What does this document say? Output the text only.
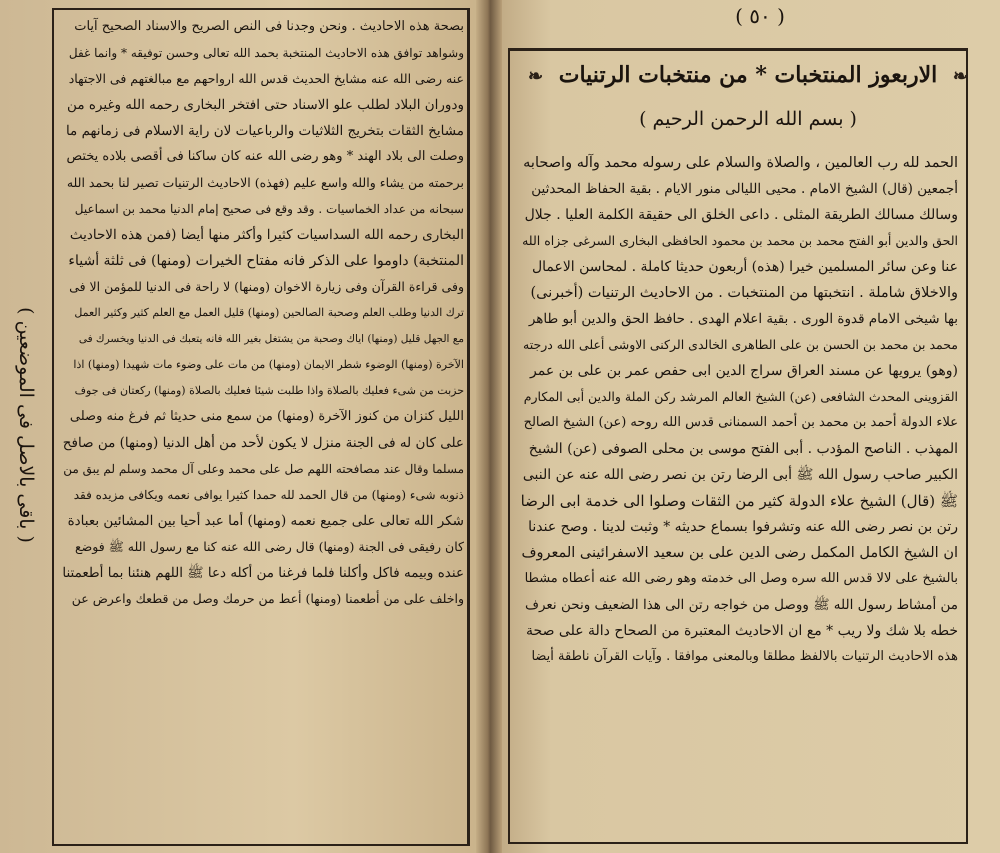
( باقى بالاصل فى الموضعين )
بصحة هذه الاحاديث . ونحن وجدنا فى النص الصريح والاسناد الصحيح آيات
وشواهد توافق هذه الاحاديث المنتخبة بحمد الله تعالى وحسن توفيقه * وانما غفل
عنه رضى الله عنه مشايخ الحديث قدس الله ارواحهم مع مبالغتهم فى الاجتهاد
ودوران البلاد لطلب علو الاسناد حتى افتخر البخارى رحمه الله وغيره من
مشايخ الثقات بتخريج الثلاثيات والرباعيات لان راية الاسلام فى زمانهم ما
وصلت الى بلاد الهند * وهو رضى الله عنه كان ساكنا فى أقصى بلاده يختص
برحمته من يشاء والله واسع عليم (فهذه) الاحاديث الرتنيات تصير لنا بحمد الله
سبحانه من عداد الخماسيات . وقد وقع فى صحيح إمام الدنيا محمد بن اسماعيل
البخارى رحمه الله السداسيات كثيرا وأكثر منها أيضا (فمن هذه الاحاديث
المنتخبة) داوموا على الذكر فانه مفتاح الخيرات (ومنها) فى ثلثة أشياء
وفى قراءة القرآن وفى زيارة الاخوان (ومنها) لا راحة فى الدنيا للمؤمن الا فى
ترك الدنيا وطلب العلم وصحبة الصالحين (ومنها) قليل العمل مع العلم كثير وكثير العمل
مع الجهل قليل (ومنها) اياك وصحبة من يشتغل بغير الله فانه يتعبك فى الدنيا ويخسرك فى
الآخرة (ومنها) الوضوء شطر الايمان (ومنها) من مات على وضوء مات شهيدا (ومنها) اذا
حزبت من شىء فعليك بالصلاة واذا طلبت شيئا فعليك بالصلاة (ومنها) ركعتان فى جوف
الليل كنزان من كنوز الآخرة (ومنها) من سمع منى حديثا ثم فرغ منه وصلى
على كان له فى الجنة منزل لا يكون لأحد من أهل الدنيا (ومنها) من صافح
مسلما وقال عند مصافحته اللهم صل على محمد وعلى آل محمد وسلم لم يبق من
ذنوبه شىء (ومنها) من قال الحمد لله حمدا كثيرا يوافى نعمه ويكافى مزيده فقد
شكر الله تعالى على جميع نعمه (ومنها) أما عبد أحيا بين المشائين بعبادة
كان رفيقى فى الجنة (ومنها) قال رضى الله عنه كنا مع رسول الله ﷺ فوضع
عنده وبيمه فاكل وأكلنا فلما فرغنا من أكله دعا ﷺ اللهم هنئنا بما أطعمتنا
واخلف على من أطعمنا (ومنها) أعط من حرمك وصل من قطعك واعرض عن
الحمد لله رب العالمين ، والصلاة والسلام على رسوله محمد وآله واصحابه
أجمعين (قال) الشيخ الامام . محيى الليالى منور الايام . بقية الحفاظ المحدثين
وسالك مسالك الطريقة المثلى . داعى الخلق الى حقيقة الكلمة العليا . جلال
الحق والدين أبو الفتح محمد بن محمد بن محمود الحافظى البخارى السرغى جزاه الله
عنا وعن سائر المسلمين خيرا (هذه) أربعون حديثا كاملة . لمحاسن الاعمال
والاخلاق شاملة . انتخبتها من المنتخبات . من الاحاديث الرتنيات (أخبرنى)
بها شيخى الامام قدوة الورى . بقية اعلام الهدى . حافظ الحق والدين أبو طاهر
محمد بن محمد بن الحسن بن على الطاهرى الخالدى الركنى الاوشى أعلى الله درجته
(وهو) يرويها عن مسند العراق سراج الدين ابى حفص عمر بن على بن عمر
القزوينى المحدث الشافعى (عن) الشيخ العالم المرشد ركن الملة والدين أبى المكارم
علاء الدولة أحمد بن محمد بن أحمد السمنانى قدس الله روحه (عن) الشيخ الصالح
المهذب . الناصح المؤدب . أبى الفتح موسى بن محلى الصوفى (عن) الشيخ
الكبير صاحب رسول الله ﷺ أبى الرضا رتن بن نصر رضى الله عنه عن النبى
ﷺ (قال) الشيخ علاء الدولة كثير من الثقات وصلوا الى خدمة ابى الرضا
رتن بن نصر رضى الله عنه وتشرفوا بسماع حديثه * وثبت لدينا . وصح عندنا
ان الشيخ الكامل المكمل رضى الدين على بن سعيد الاسفرائينى المعروف
بالشيخ على لالا قدس الله سره وصل الى خدمته وهو رضى الله عنه أعطاه مشطا
من أمشاط رسول الله ﷺ ووصل من خواجه رتن الى هذا الضعيف ونحن نعرف
خطه بلا شك ولا ريب * مع ان الاحاديث المعتبرة من الصحاح دالة على صحة
هذه الاحاديث الرتنيات بالالفظ مطلقا وبالمعنى موافقا . وآيات القرآن ناطقة أيضا
( ٥٠ )
❧ الاربعوز المنتخبات * من منتخبات الرتنيات ❧
( بسم الله الرحمن الرحيم )
